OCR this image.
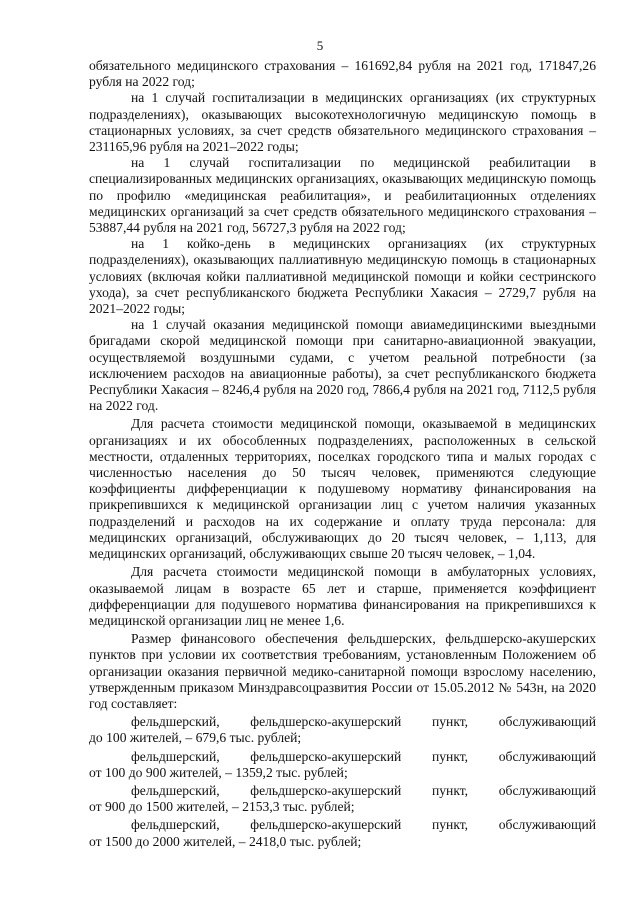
5

обязательного медицинского страхования – 161692,84 рубля на 2021 год, 171847,26 рубля на 2022 год;

на 1 случай госпитализации в медицинских организациях (их структурных подразделениях), оказывающих высокотехнологичную медицинскую помощь в стационарных условиях, за счет средств обязательного медицинского страхования – 231165,96 рубля на 2021–2022 годы;

на 1 случай госпитализации по медицинской реабилитации в специализированных медицинских организациях, оказывающих медицинскую помощь по профилю «медицинская реабилитация», и реабилитационных отделениях медицинских организаций за счет средств обязательного медицинского страхования – 53887,44 рубля на 2021 год, 56727,3 рубля на 2022 год;

на 1 койко-день в медицинских организациях (их структурных подразделениях), оказывающих паллиативную медицинскую помощь в стационарных условиях (включая койки паллиативной медицинской помощи и койки сестринского ухода), за счет республиканского бюджета Республики Хакасия – 2729,7 рубля на 2021–2022 годы;

на 1 случай оказания медицинской помощи авиамедицинскими выездными бригадами скорой медицинской помощи при санитарно-авиационной эвакуации, осуществляемой воздушными судами, с учетом реальной потребности (за исключением расходов на авиационные работы), за счет республиканского бюджета Республики Хакасия – 8246,4 рубля на 2020 год, 7866,4 рубля на 2021 год, 7112,5 рубля на 2022 год.

Для расчета стоимости медицинской помощи, оказываемой в медицинских организациях и их обособленных подразделениях, расположенных в сельской местности, отдаленных территориях, поселках городского типа и малых городах с численностью населения до 50 тысяч человек, применяются следующие коэффициенты дифференциации к подушевому нормативу финансирования на прикрепившихся к медицинской организации лиц с учетом наличия указанных подразделений и расходов на их содержание и оплату труда персонала: для медицинских организаций, обслуживающих до 20 тысяч человек, – 1,113, для медицинских организаций, обслуживающих свыше 20 тысяч человек, – 1,04.

Для расчета стоимости медицинской помощи в амбулаторных условиях, оказываемой лицам в возрасте 65 лет и старше, применяется коэффициент дифференциации для подушевого норматива финансирования на прикрепившихся к медицинской организации лиц не менее 1,6.

Размер финансового обеспечения фельдшерских, фельдшерско-акушерских пунктов при условии их соответствия требованиям, установленным Положением об организации оказания первичной медико-санитарной помощи взрослому населению, утвержденным приказом Минздравсоцразвития России от 15.05.2012 № 543н, на 2020 год составляет:

фельдшерский, фельдшерско-акушерский пункт, обслуживающий

до 100 жителей, – 679,6 тыс. рублей;

фельдшерский, фельдшерско-акушерский пункт, обслуживающий

от 100 до 900 жителей, – 1359,2 тыс. рублей;

фельдшерский, фельдшерско-акушерский пункт, обслуживающий

от 900 до 1500 жителей, – 2153,3 тыс. рублей;

фельдшерский, фельдшерско-акушерский пункт, обслуживающий

от 1500 до 2000 жителей, – 2418,0 тыс. рублей;
